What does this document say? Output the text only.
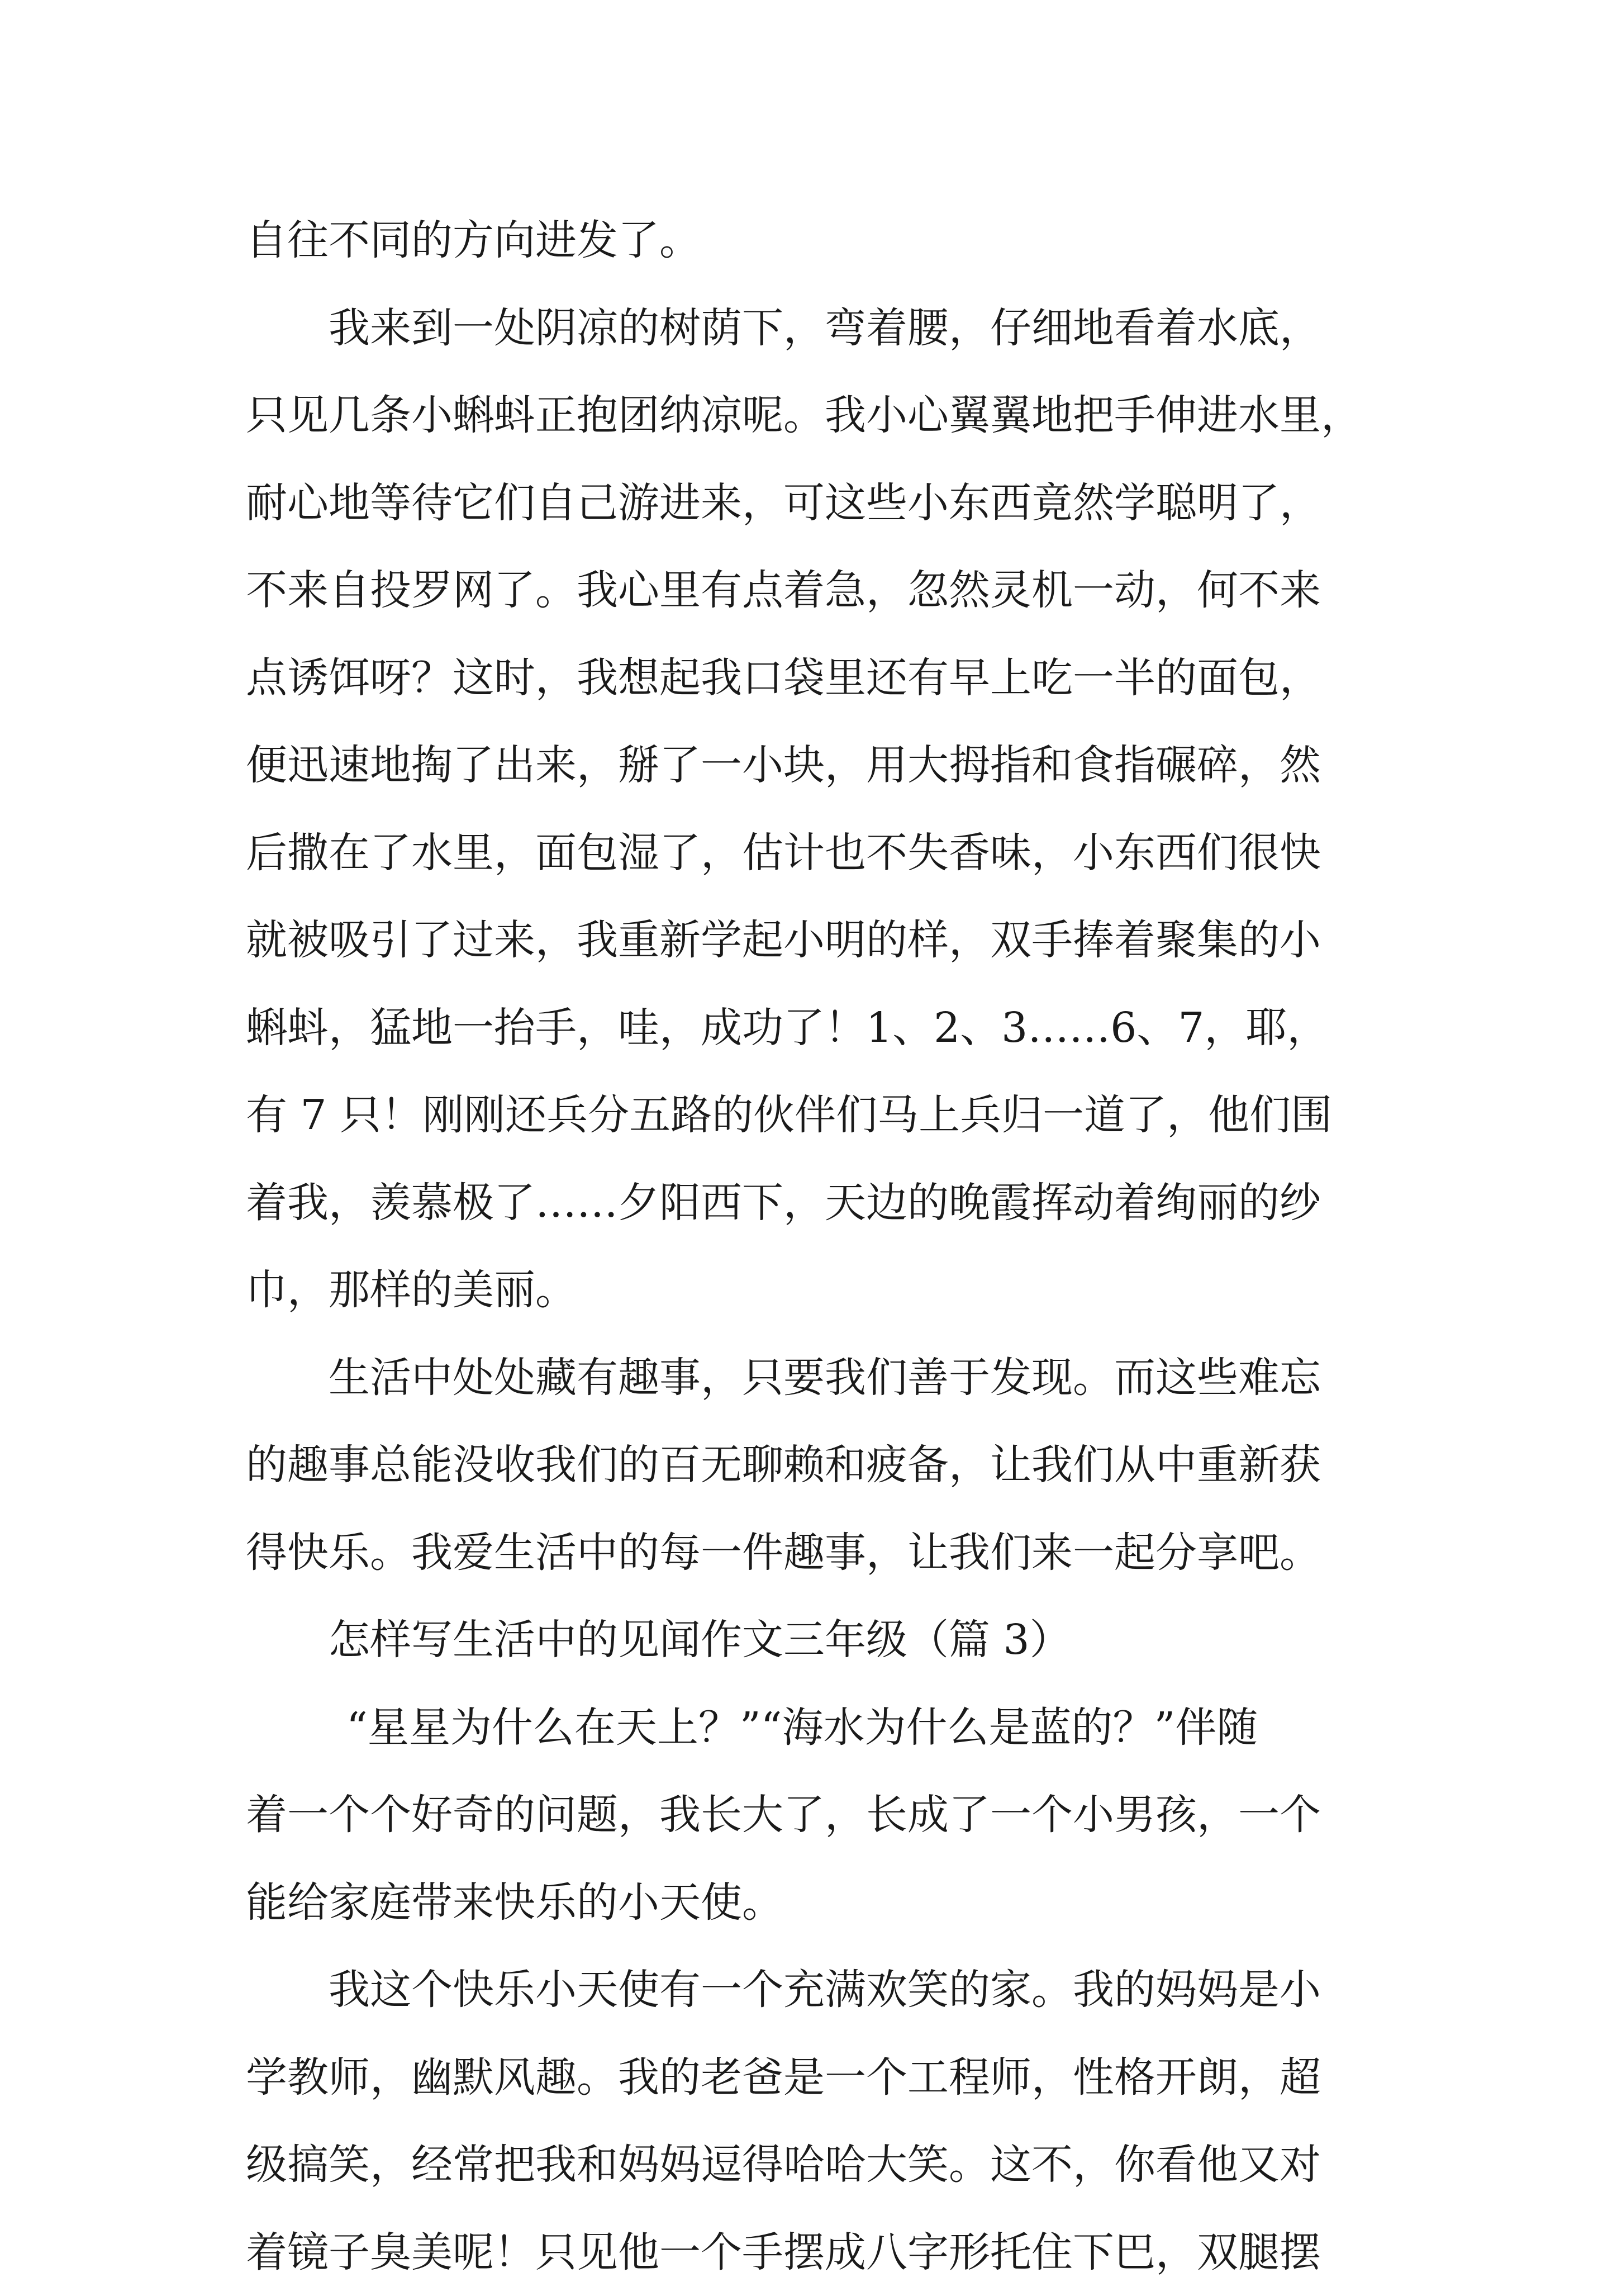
自往不同的方向进发了。
我来到一处阴凉的树荫下，弯着腰，仔细地看着水底，
只见几条小蝌蚪正抱团纳凉呢。我小心翼翼地把手伸进水里，
耐心地等待它们自己游进来，可这些小东西竟然学聪明了，
不来自投罗网了。我心里有点着急，忽然灵机一动，何不来
点诱饵呀？这时，我想起我口袋里还有早上吃一半的面包，
便迅速地掏了出来，掰了一小块，用大拇指和食指碾碎，然
后撒在了水里，面包湿了，估计也不失香味，小东西们很快
就被吸引了过来，我重新学起小明的样，双手捧着聚集的小
蝌蚪，猛地一抬手，哇，成功了！1、2、3……6、7，耶，
有 7 只！刚刚还兵分五路的伙伴们马上兵归一道了，他们围
着我，羡慕极了……夕阳西下，天边的晚霞挥动着绚丽的纱
巾，那样的美丽。
生活中处处藏有趣事，只要我们善于发现。而这些难忘
的趣事总能没收我们的百无聊赖和疲备，让我们从中重新获
得快乐。我爱生活中的每一件趣事，让我们来一起分享吧。
怎样写生活中的见闻作文三年级（篇 3）
“星星为什么在天上？”“海水为什么是蓝的？”伴随
着一个个好奇的问题，我长大了，长成了一个小男孩，一个
能给家庭带来快乐的小天使。
我这个快乐小天使有一个充满欢笑的家。我的妈妈是小
学教师，幽默风趣。我的老爸是一个工程师，性格开朗，超
级搞笑，经常把我和妈妈逗得哈哈大笑。这不，你看他又对
着镜子臭美呢！只见他一个手摆成八字形托住下巴，双腿摆
